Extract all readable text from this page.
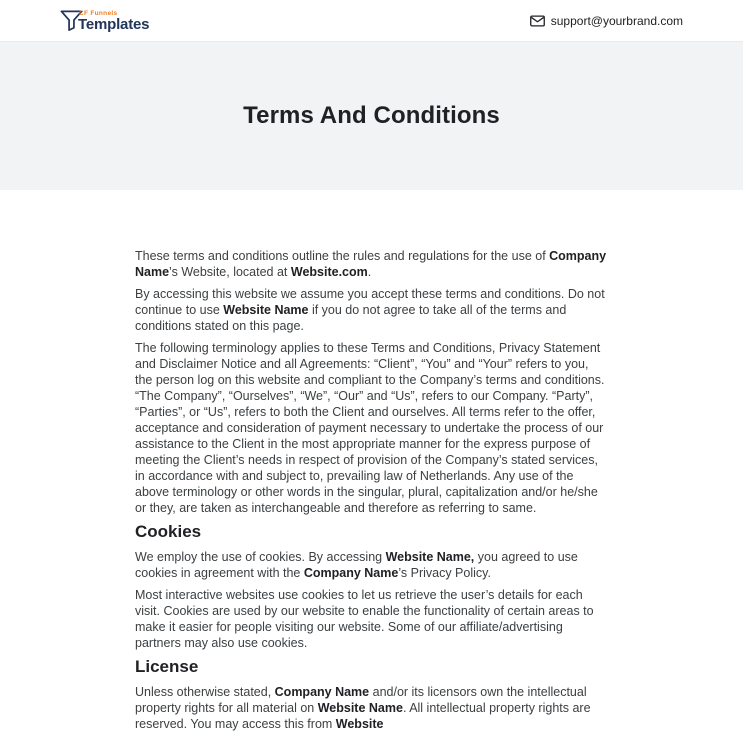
CF Funnels
Templates	support@yourbrand.com
Terms And Conditions

These terms and conditions outline the rules and regulations for the use of Company Name’s Website, located at Website.com.

By accessing this website we assume you accept these terms and conditions. Do not continue to use Website Name if you do not agree to take all of the terms and conditions stated on this page.

The following terminology applies to these Terms and Conditions, Privacy Statement and Disclaimer Notice and all Agreements: “Client”, “You” and “Your” refers to you, the person log on this website and compliant to the Company’s terms and conditions. “The Company”, “Ourselves”, “We”, “Our” and “Us”, refers to our Company. “Party”, “Parties”, or “Us”, refers to both the Client and ourselves. All terms refer to the offer, acceptance and consideration of payment necessary to undertake the process of our assistance to the Client in the most appropriate manner for the express purpose of meeting the Client’s needs in respect of provision of the Company’s stated services, in accordance with and subject to, prevailing law of Netherlands. Any use of the above terminology or other words in the singular, plural, capitalization and/or he/she or they, are taken as interchangeable and therefore as referring to same.

Cookies

We employ the use of cookies. By accessing Website Name, you agreed to use cookies in agreement with the Company Name’s Privacy Policy.

Most interactive websites use cookies to let us retrieve the user’s details for each visit. Cookies are used by our website to enable the functionality of certain areas to make it easier for people visiting our website. Some of our affiliate/advertising partners may also use cookies.

License

Unless otherwise stated, Company Name and/or its licensors own the intellectual property rights for all material on Website Name. All intellectual property rights are reserved. You may access this from Website
